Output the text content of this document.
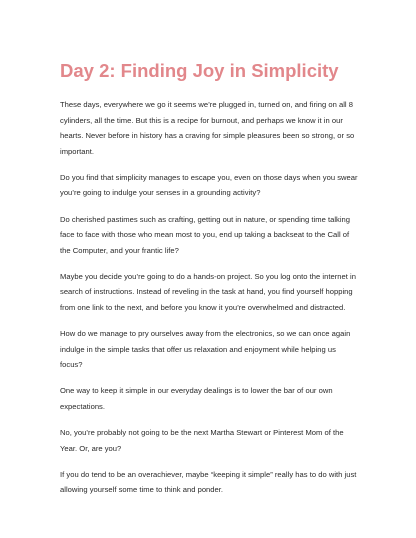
Day 2: Finding Joy in Simplicity

These days, everywhere we go it seems we’re plugged in, turned on, and firing on all 8 cylinders, all the time. But this is a recipe for burnout, and perhaps we know it in our hearts. Never before in history has a craving for simple pleasures been so strong, or so important.

Do you find that simplicity manages to escape you, even on those days when you swear you’re going to indulge your senses in a grounding activity?

Do cherished pastimes such as crafting, getting out in nature, or spending time talking face to face with those who mean most to you, end up taking a backseat to the Call of the Computer, and your frantic life?

Maybe you decide you’re going to do a hands-on project. So you log onto the internet in search of instructions. Instead of reveling in the task at hand, you find yourself hopping from one link to the next, and before you know it you’re overwhelmed and distracted.

How do we manage to pry ourselves away from the electronics, so we can once again indulge in the simple tasks that offer us relaxation and enjoyment while helping us focus?

One way to keep it simple in our everyday dealings is to lower the bar of our own expectations.

No, you’re probably not going to be the next Martha Stewart or Pinterest Mom of the Year. Or, are you?

If you do tend to be an overachiever, maybe “keeping it simple” really has to do with just allowing yourself some time to think and ponder.
